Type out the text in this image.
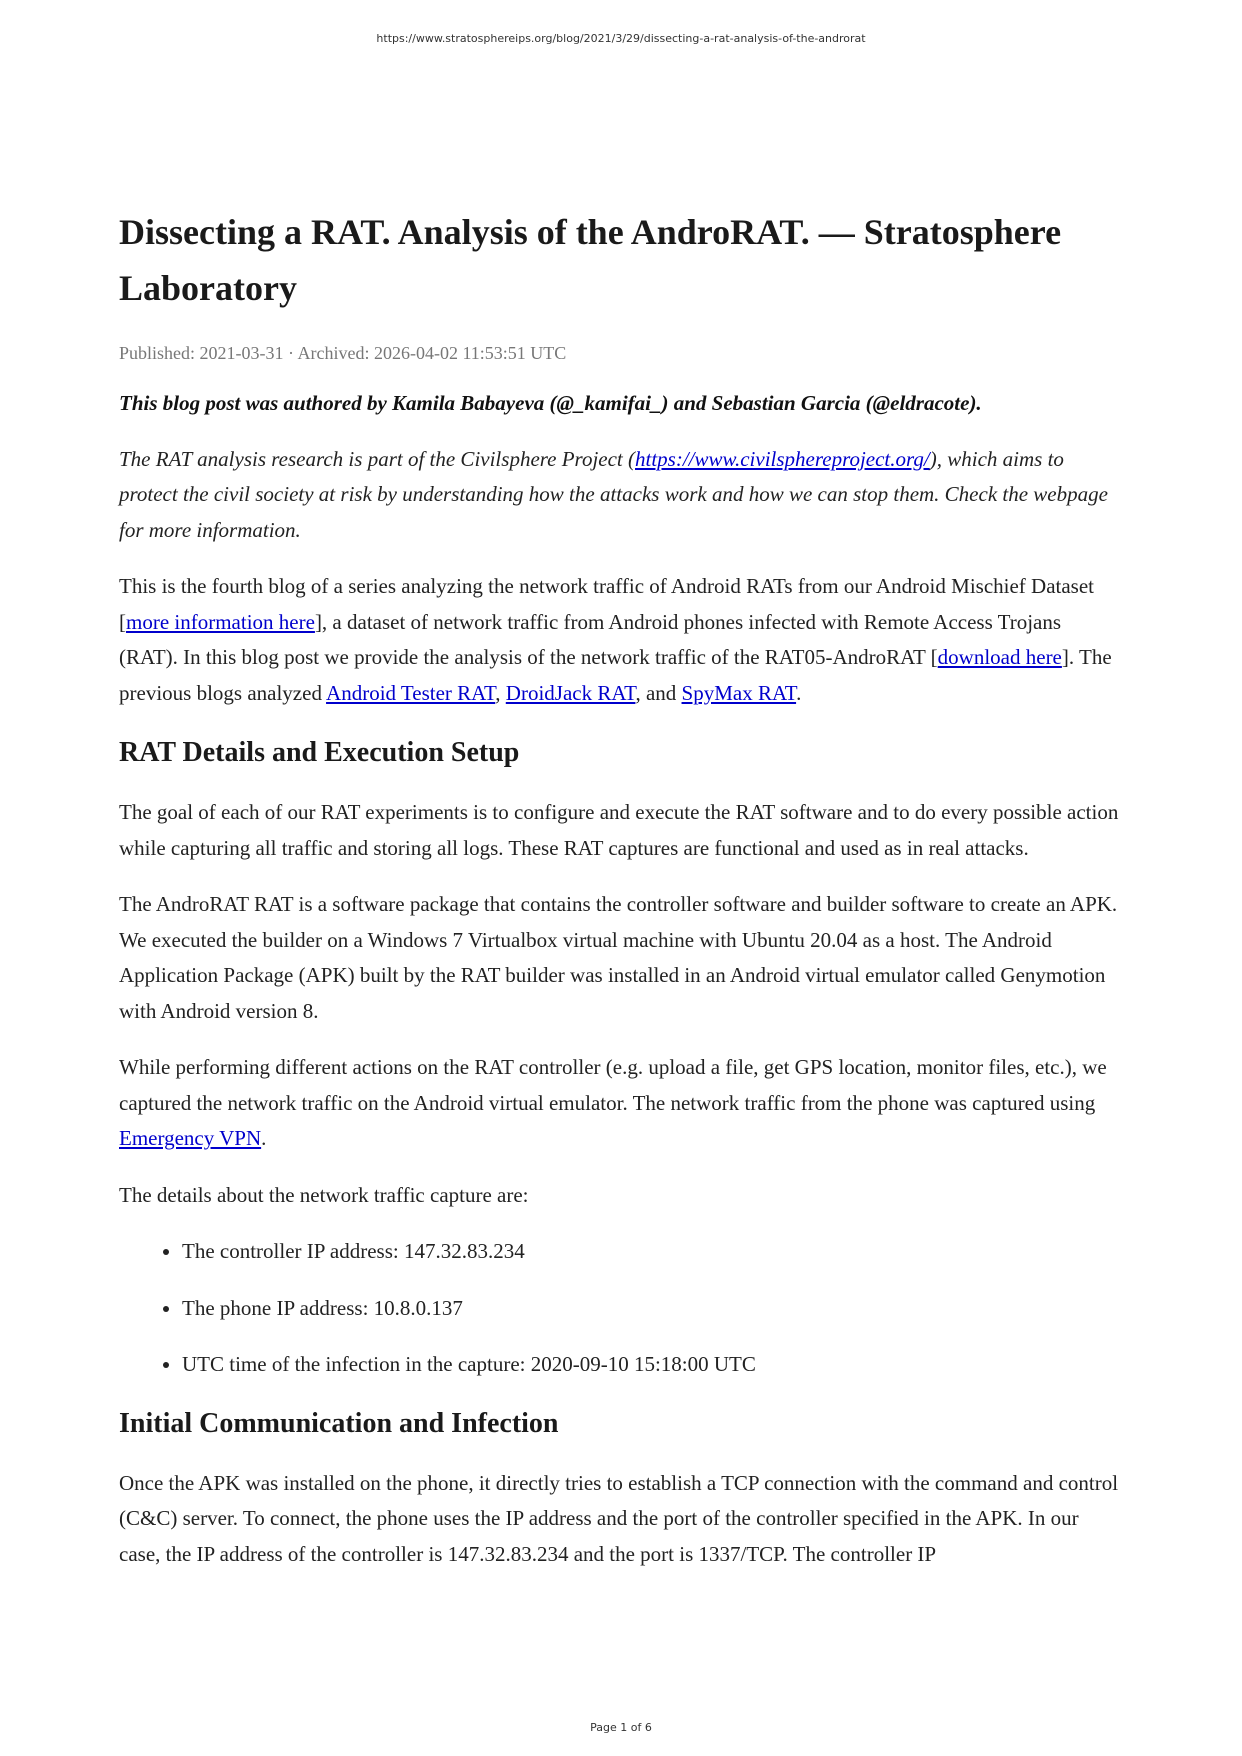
https://www.stratosphereips.org/blog/2021/3/29/dissecting-a-rat-analysis-of-the-androrat
Dissecting a RAT. Analysis of the AndroRAT. — Stratosphere Laboratory
Published: 2021-03-31 · Archived: 2026-04-02 11:53:51 UTC

This blog post was authored by Kamila Babayeva (@_kamifai_) and Sebastian Garcia (@eldracote).

The RAT analysis research is part of the Civilsphere Project (https://www.civilsphereproject.org/), which aims to protect the civil society at risk by understanding how the attacks work and how we can stop them. Check the webpage for more information.

This is the fourth blog of a series analyzing the network traffic of Android RATs from our Android Mischief Dataset [more information here], a dataset of network traffic from Android phones infected with Remote Access Trojans (RAT). In this blog post we provide the analysis of the network traffic of the RAT05-AndroRAT [download here]. The previous blogs analyzed Android Tester RAT, DroidJack RAT, and SpyMax RAT.

RAT Details and Execution Setup

The goal of each of our RAT experiments is to configure and execute the RAT software and to do every possible action while capturing all traffic and storing all logs. These RAT captures are functional and used as in real attacks.

The AndroRAT RAT is a software package that contains the controller software and builder software to create an APK. We executed the builder on a Windows 7 Virtualbox virtual machine with Ubuntu 20.04 as a host. The Android Application Package (APK) built by the RAT builder was installed in an Android virtual emulator called Genymotion with Android version 8.

While performing different actions on the RAT controller (e.g. upload a file, get GPS location, monitor files, etc.), we captured the network traffic on the Android virtual emulator. The network traffic from the phone was captured using Emergency VPN.

The details about the network traffic capture are:

• The controller IP address: 147.32.83.234
• The phone IP address: 10.8.0.137
• UTC time of the infection in the capture: 2020-09-10 15:18:00 UTC
Initial Communication and Infection

Once the APK was installed on the phone, it directly tries to establish a TCP connection with the command and control (C&C) server. To connect, the phone uses the IP address and the port of the controller specified in the APK. In our case, the IP address of the controller is 147.32.83.234 and the port is 1337/TCP. The controller IP

Page 1 of 6
